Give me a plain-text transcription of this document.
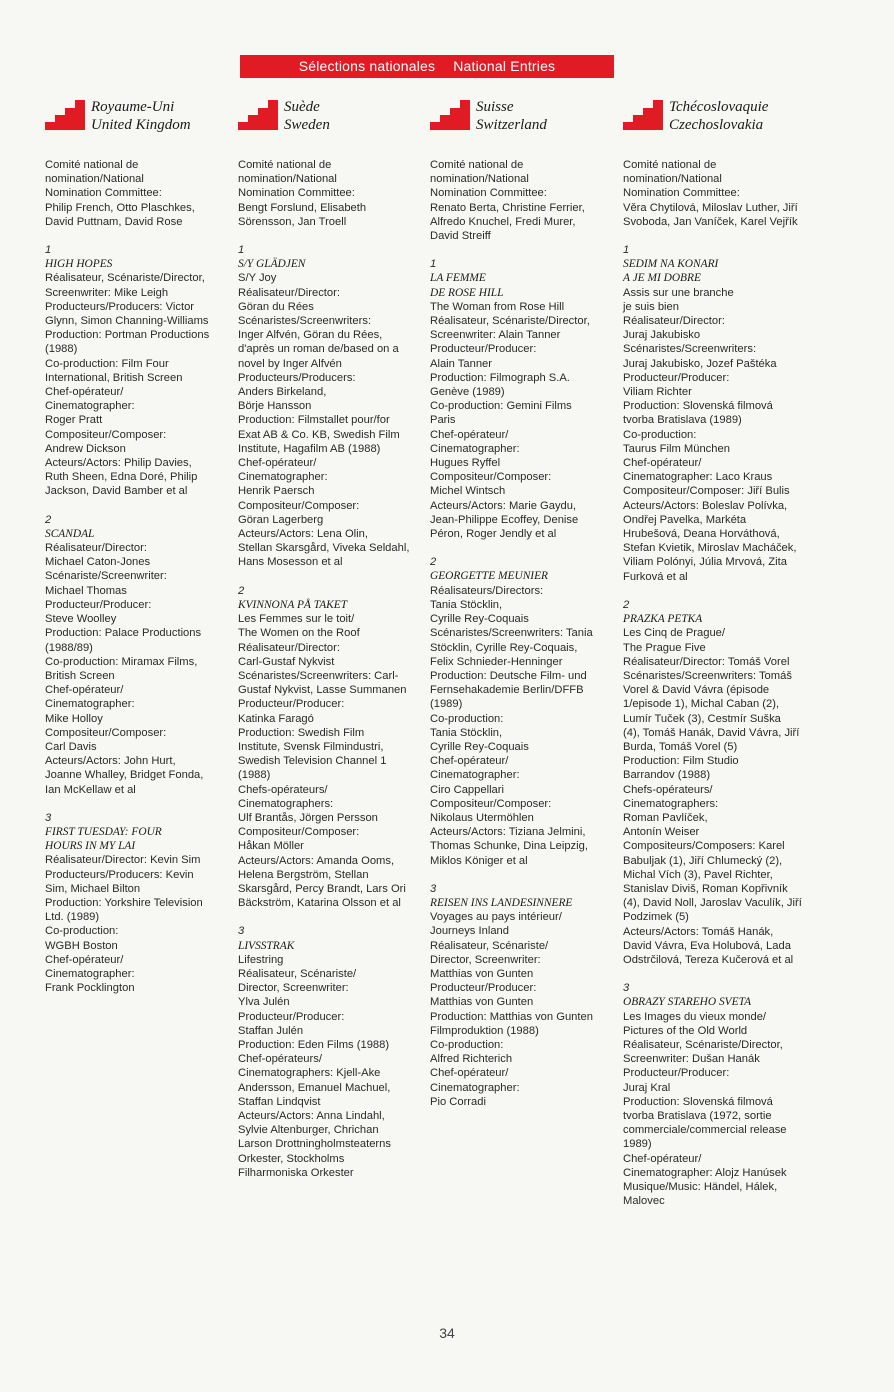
Sélections nationales National Entries
Royaume-Uni
United Kingdom

Comité national de
nomination/National
Nomination Committee:
Philip French, Otto Plaschkes,
David Puttnam, David Rose

1
HIGH HOPES

Réalisateur, Scénariste/Director,
Screenwriter: Mike Leigh
Producteurs/Producers: Victor
Glynn, Simon Channing-Williams
Production: Portman Productions
(1988)
Co-production: Film Four
International, British Screen
Chef-opérateur/
Cinematographer:
Roger Pratt
Compositeur/Composer:
Andrew Dickson
Acteurs/Actors: Philip Davies,
Ruth Sheen, Edna Doré, Philip
Jackson, David Bamber et al

2
SCANDAL

Réalisateur/Director:
Michael Caton-Jones
Scénariste/Screenwriter:
Michael Thomas
Producteur/Producer:
Steve Woolley
Production: Palace Productions
(1988/89)
Co-production: Miramax Films,
British Screen
Chef-opérateur/
Cinematographer:
Mike Holloy
Compositeur/Composer:
Carl Davis
Acteurs/Actors: John Hurt,
Joanne Whalley, Bridget Fonda,
Ian McKellaw et al

3
FIRST TUESDAY: FOUR
HOURS IN MY LAI

Réalisateur/Director: Kevin Sim
Producteurs/Producers: Kevin
Sim, Michael Bilton
Production: Yorkshire Television
Ltd. (1989)
Co-production:
WGBH Boston
Chef-opérateur/
Cinematographer:
Frank Pocklington

Suède
Sweden

Comité national de
nomination/National
Nomination Committee:
Bengt Forslund, Elisabeth
Sörensson, Jan Troell

1
S/Y GLÄDJEN

S/Y Joy
Réalisateur/Director:
Göran du Rées
Scénaristes/Screenwriters:
Inger Alfvén, Göran du Rées,
d'après un roman de/based on a
novel by Inger Alfvén
Producteurs/Producers:
Anders Birkeland,
Börje Hansson
Production: Filmstallet pour/for
Exat AB & Co. KB, Swedish Film
Institute, Hagafilm AB (1988)
Chef-opérateur/
Cinematographer:
Henrik Paersch
Compositeur/Composer:
Göran Lagerberg
Acteurs/Actors: Lena Olin,
Stellan Skarsgård, Viveka Seldahl,
Hans Mosesson et al

2
KVINNONA PÅ TAKET

Les Femmes sur le toit/
The Women on the Roof
Réalisateur/Director:
Carl-Gustaf Nykvist
Scénaristes/Screenwriters: Carl-
Gustaf Nykvist, Lasse Summanen
Producteur/Producer:
Katinka Faragó
Production: Swedish Film
Institute, Svensk Filmindustri,
Swedish Television Channel 1
(1988)
Chefs-opérateurs/
Cinematographers:
Ulf Brantås, Jörgen Persson
Compositeur/Composer:
Håkan Möller
Acteurs/Actors: Amanda Ooms,
Helena Bergström, Stellan
Skarsgård, Percy Brandt, Lars Ori
Bäckström, Katarina Olsson et al

3
LIVSSTRAK

Lifestring
Réalisateur, Scénariste/
Director, Screenwriter:
Ylva Julén
Producteur/Producer:
Staffan Julén
Production: Eden Films (1988)
Chef-opérateurs/
Cinematographers: Kjell-Ake
Andersson, Emanuel Machuel,
Staffan Lindqvist
Acteurs/Actors: Anna Lindahl,
Sylvie Altenburger, Chrichan
Larson Drottningholmsteaterns
Orkester, Stockholms
Filharmoniska Orkester

Suisse
Switzerland

Comité national de
nomination/National
Nomination Committee:
Renato Berta, Christine Ferrier,
Alfredo Knuchel, Fredi Murer,
David Streiff

1
LA FEMME
DE ROSE HILL

The Woman from Rose Hill
Réalisateur, Scénariste/Director,
Screenwriter: Alain Tanner
Producteur/Producer:
Alain Tanner
Production: Filmograph S.A.
Genève (1989)
Co-production: Gemini Films
Paris
Chef-opérateur/
Cinematographer:
Hugues Ryffel
Compositeur/Composer:
Michel Wintsch
Acteurs/Actors: Marie Gaydu,
Jean-Philippe Ecoffey, Denise
Péron, Roger Jendly et al

2
GEORGETTE MEUNIER

Réalisateurs/Directors:
Tania Stöcklin,
Cyrille Rey-Coquais
Scénaristes/Screenwriters: Tania
Stöcklin, Cyrille Rey-Coquais,
Felix Schnieder-Henninger
Production: Deutsche Film- und
Fernsehakademie Berlin/DFFB
(1989)
Co-production:
Tania Stöcklin,
Cyrille Rey-Coquais
Chef-opérateur/
Cinematographer:
Ciro Cappellari
Compositeur/Composer:
Nikolaus Utermöhlen
Acteurs/Actors: Tiziana Jelmini,
Thomas Schunke, Dina Leipzig,
Miklos Königer et al

3
REISEN INS LANDESINNERE

Voyages au pays intérieur/
Journeys Inland
Réalisateur, Scénariste/
Director, Screenwriter:
Matthias von Gunten
Producteur/Producer:
Matthias von Gunten
Production: Matthias von Gunten
Filmproduktion (1988)
Co-production:
Alfred Richterich
Chef-opérateur/
Cinematographer:
Pio Corradi

Tchécoslovaquie
Czechoslovakia

Comité national de
nomination/National
Nomination Committee:
Věra Chytilová, Miloslav Luther, Jiří
Svoboda, Jan Vaníček, Karel Vejřík

1
SEDIM NA KONARI
A JE MI DOBRE

Assis sur une branche
je suis bien
Réalisateur/Director:
Juraj Jakubisko
Scénaristes/Screenwriters:
Juraj Jakubisko, Jozef Paštéka
Producteur/Producer:
Viliam Richter
Production: Slovenská filmová
tvorba Bratislava (1989)
Co-production:
Taurus Film München
Chef-opérateur/
Cinematographer: Laco Kraus
Compositeur/Composer: Jiří Bulis
Acteurs/Actors: Boleslav Polívka,
Ondřej Pavelka, Markéta
Hrubešová, Deana Horváthová,
Stefan Kvietik, Miroslav Macháček,
Viliam Polónyi, Júlia Mrvová, Zita
Furková et al

2
PRAZKA PETKA

Les Cinq de Prague/
The Prague Five
Réalisateur/Director: Tomáš Vorel
Scénaristes/Screenwriters: Tomáš
Vorel & David Vávra (épisode
1/episode 1), Michal Caban (2),
Lumír Tuček (3), Cestmír Suška
(4), Tomáš Hanák, David Vávra, Jiří
Burda, Tomáš Vorel (5)
Production: Film Studio
Barrandov (1988)
Chefs-opérateurs/
Cinematographers:
Roman Pavlíček,
Antonín Weiser
Compositeurs/Composers: Karel
Babuljak (1), Jiří Chlumecký (2),
Michal Vích (3), Pavel Richter,
Stanislav Diviš, Roman Kopřivník
(4), David Noll, Jaroslav Vaculík, Jiří
Podzimek (5)
Acteurs/Actors: Tomáš Hanák,
David Vávra, Eva Holubová, Lada
Odstrčilová, Tereza Kučerová et al

3
OBRAZY STAREHO SVETA

Les Images du vieux monde/
Pictures of the Old World
Réalisateur, Scénariste/Director,
Screenwriter: Dušan Hanák
Producteur/Producer:
Juraj Kral
Production: Slovenská filmová
tvorba Bratislava (1972, sortie
commerciale/commercial release
1989)
Chef-opérateur/
Cinematographer: Alojz Hanúsek
Musique/Music: Händel, Hálek,
Malovec

34
